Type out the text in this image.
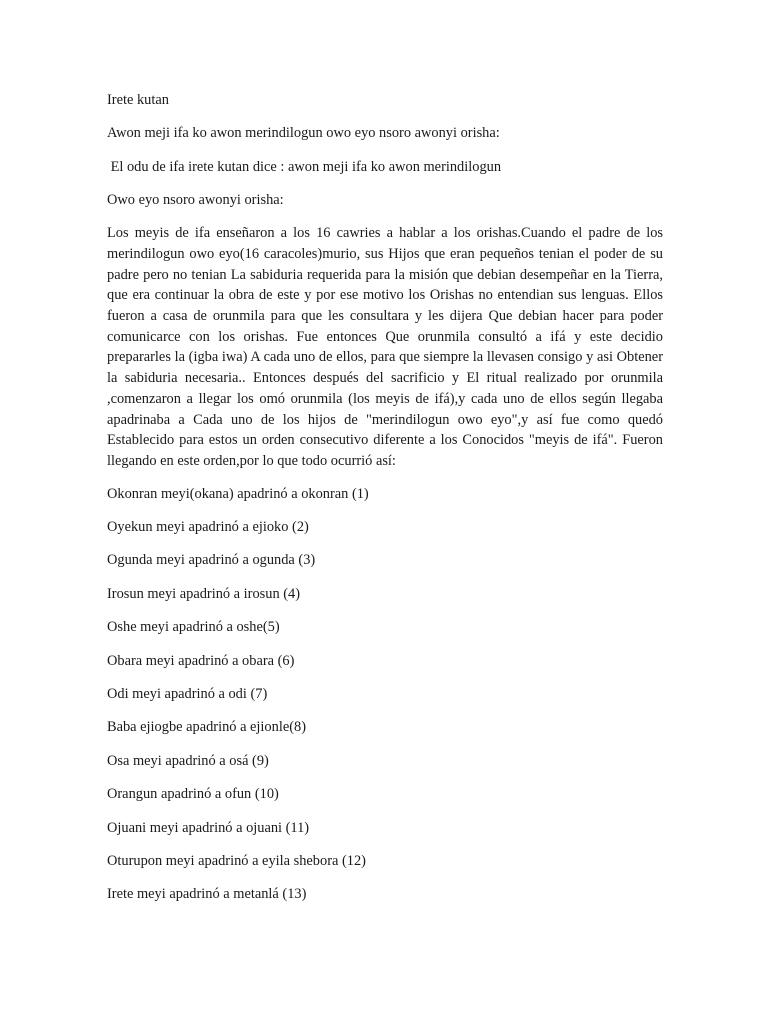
Irete kutan
Awon meji ifa ko awon merindilogun owo eyo nsoro awonyi orisha:
El odu de ifa irete kutan dice : awon meji ifa ko awon merindilogun
Owo eyo nsoro awonyi orisha:
Los meyis de ifa enseñaron a los 16 cawries a hablar a los orishas.Cuando el padre de los merindilogun owo eyo(16 caracoles)murio, sus Hijos que eran pequeños tenian el poder de su padre pero no tenian La sabiduria requerida para la misión que debian desempeñar en la Tierra, que era continuar la obra de este y por ese motivo los Orishas no entendian sus lenguas. Ellos fueron a casa de orunmila para que les consultara y les dijera Que debian hacer para poder comunicarce con los orishas. Fue entonces Que orunmila consultó a ifá y este decidio prepararles la (igba iwa) A cada uno de ellos, para que siempre la llevasen consigo y asi Obtener la sabiduria necesaria.. Entonces después del sacrificio y El ritual realizado por orunmila ,comenzaron a llegar los omó orunmila (los meyis de ifá),y cada uno de ellos según llegaba apadrinaba a Cada uno de los hijos de "merindilogun owo eyo",y así fue como quedó Establecido para estos un orden consecutivo diferente a los Conocidos "meyis de ifá". Fueron llegando en este orden,por lo que todo ocurrió así:
Okonran meyi(okana) apadrinó a okonran (1)
Oyekun meyi apadrinó a ejioko (2)
Ogunda meyi apadrinó a ogunda (3)
Irosun meyi apadrinó a irosun (4)
Oshe meyi apadrinó a oshe(5)
Obara meyi apadrinó a obara (6)
Odi meyi apadrinó a odi (7)
Baba ejiogbe apadrinó a ejionle(8)
Osa meyi apadrinó a osá (9)
Orangun apadrinó a ofun (10)
Ojuani meyi apadrinó a ojuani (11)
Oturupon meyi apadrinó a eyila shebora (12)
Irete meyi apadrinó a metanlá (13)
